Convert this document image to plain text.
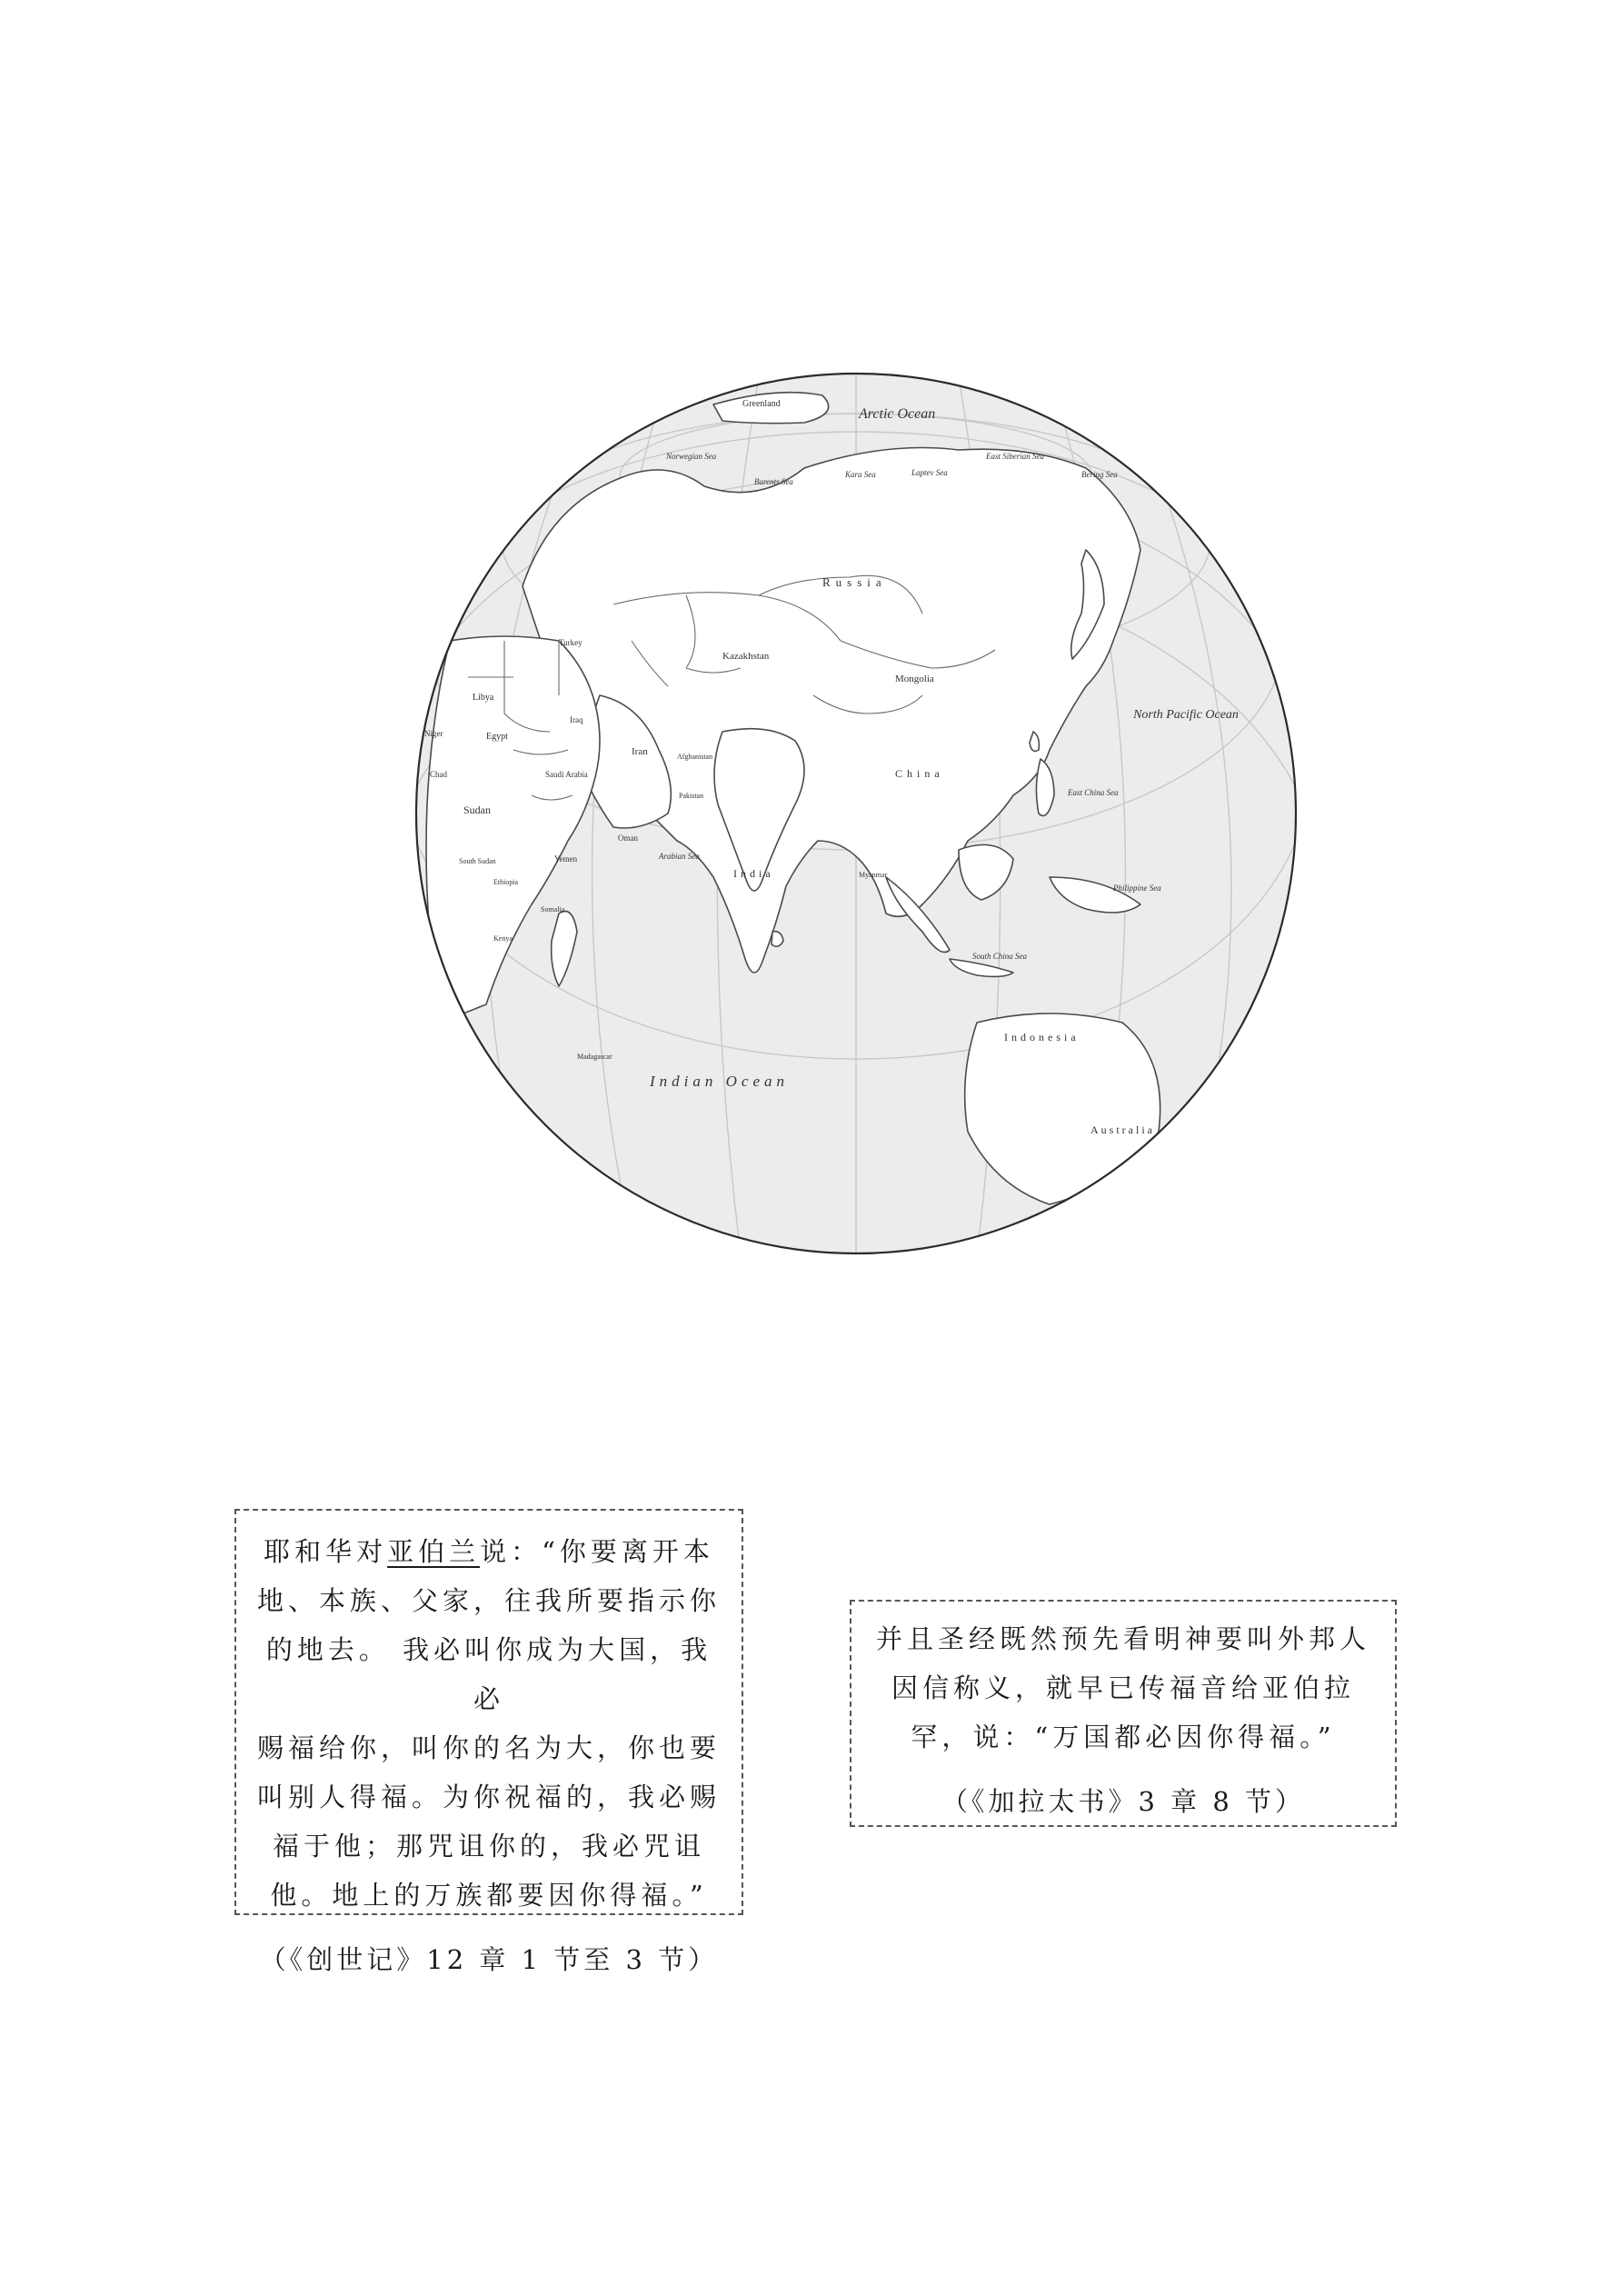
Greenland
Arctic Ocean
Norwegian Sea
Barents Sea
Kara Sea	Laptev Sea
East Siberian Sea
Bering Sea
Russia
Kazakhstan
Mongolia
China
North Pacific Ocean
Turkey
Libya
Egypt
Niger
Chad
Sudan
Iraq
Iran	Afghanistan
Pakistan
Saudi Arabia
Oman
Yemen
South Sudan
Ethiopia
Somalia
Kenya
Arabian Sea
India	Myanmar
East China Sea
Philippine Sea
South China Sea
Indonesia
Madagascar
Indian Ocean
Australia

耶和华对亚伯兰说：“你要离开本

地、本族、父家，往我所要指示你

的地去。 我必叫你成为大国，我必

赐福给你，叫你的名为大，你也要

叫别人得福。为你祝福的，我必赐

福于他；那咒诅你的，我必咒诅

他。地上的万族都要因你得福。”

（《创世记》12 章 1 节至 3 节）

并且圣经既然预先看明神要叫外邦人

因信称义，就早已传福音给亚伯拉

罕，说：“万国都必因你得福。”

（《加拉太书》3 章 8 节）
